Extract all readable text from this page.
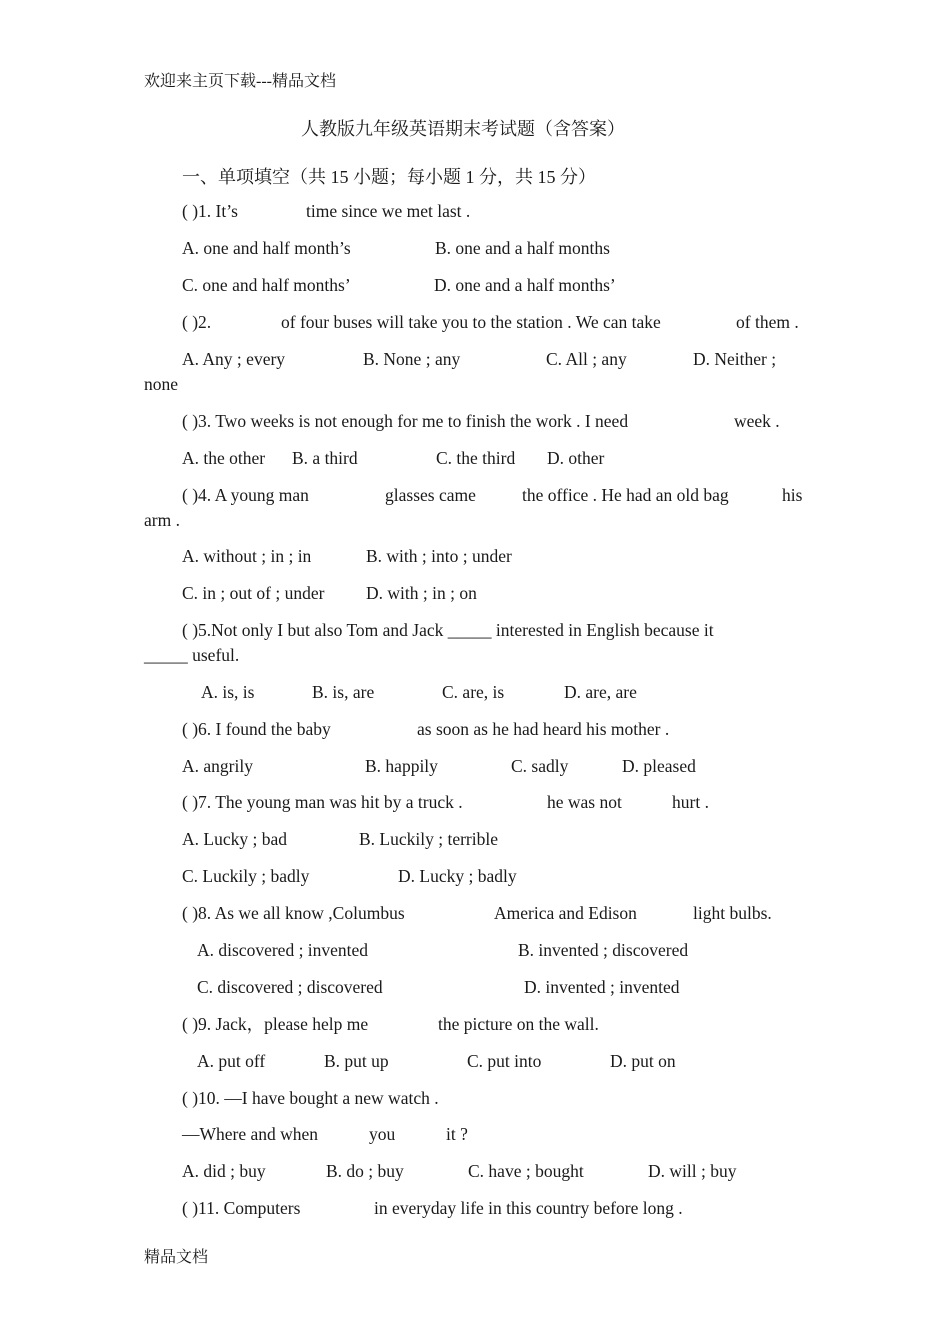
欢迎来主页下载---精品文档
人教版九年级英语期末考试题（含答案）
一、单项填空（共 15 小题；每小题 1 分，共 15 分）
( )1. It’s	time since we met last .
A. one and half month’s	B. one and a half months
C. one and half months’	D. one and a half months’
( )2.	of four buses will take you to the station . We can take	of them .
A. Any ; every	B. None ; any	C. All ; any	D. Neither ;
none
( )3. Two weeks is not enough for me to finish the work . I need	week .
A. the other B. a third	C. the third D. other
( )4. A young man	glasses came	the office . He had an old bag	his
arm .
A. without ; in ; in	B. with ; into ; under
C. in ; out of ; under D. with ; in ; on
( )5.Not only I but also Tom and Jack _____ interested in English because it
_____ useful.
A. is, is	B. is, are	C. are, is	D. are, are
( )6. I found the baby	as soon as he had heard his mother .
A. angrily	B. happily	C. sadly	D. pleased
( )7. The young man was hit by a truck .	he was not	hurt .
A. Lucky ; bad	B. Luckily ; terrible
C. Luckily ; badly	D. Lucky ; badly
( )8. As we all know ,Columbus	America and Edison	light bulbs.
A. discovered ; invented	B. invented ; discovered
C. discovered ; discovered	D. invented ; invented
( )9. Jack，please help me	the picture on the wall.
A. put off	B. put up	C. put into	D. put on
( )10. —I have bought a new watch .
—Where and when	you	it ?
A. did ; buy	B. do ; buy	C. have ; bought	D. will ; buy
( )11. Computers	in everyday life in this country before long .
精品文档
